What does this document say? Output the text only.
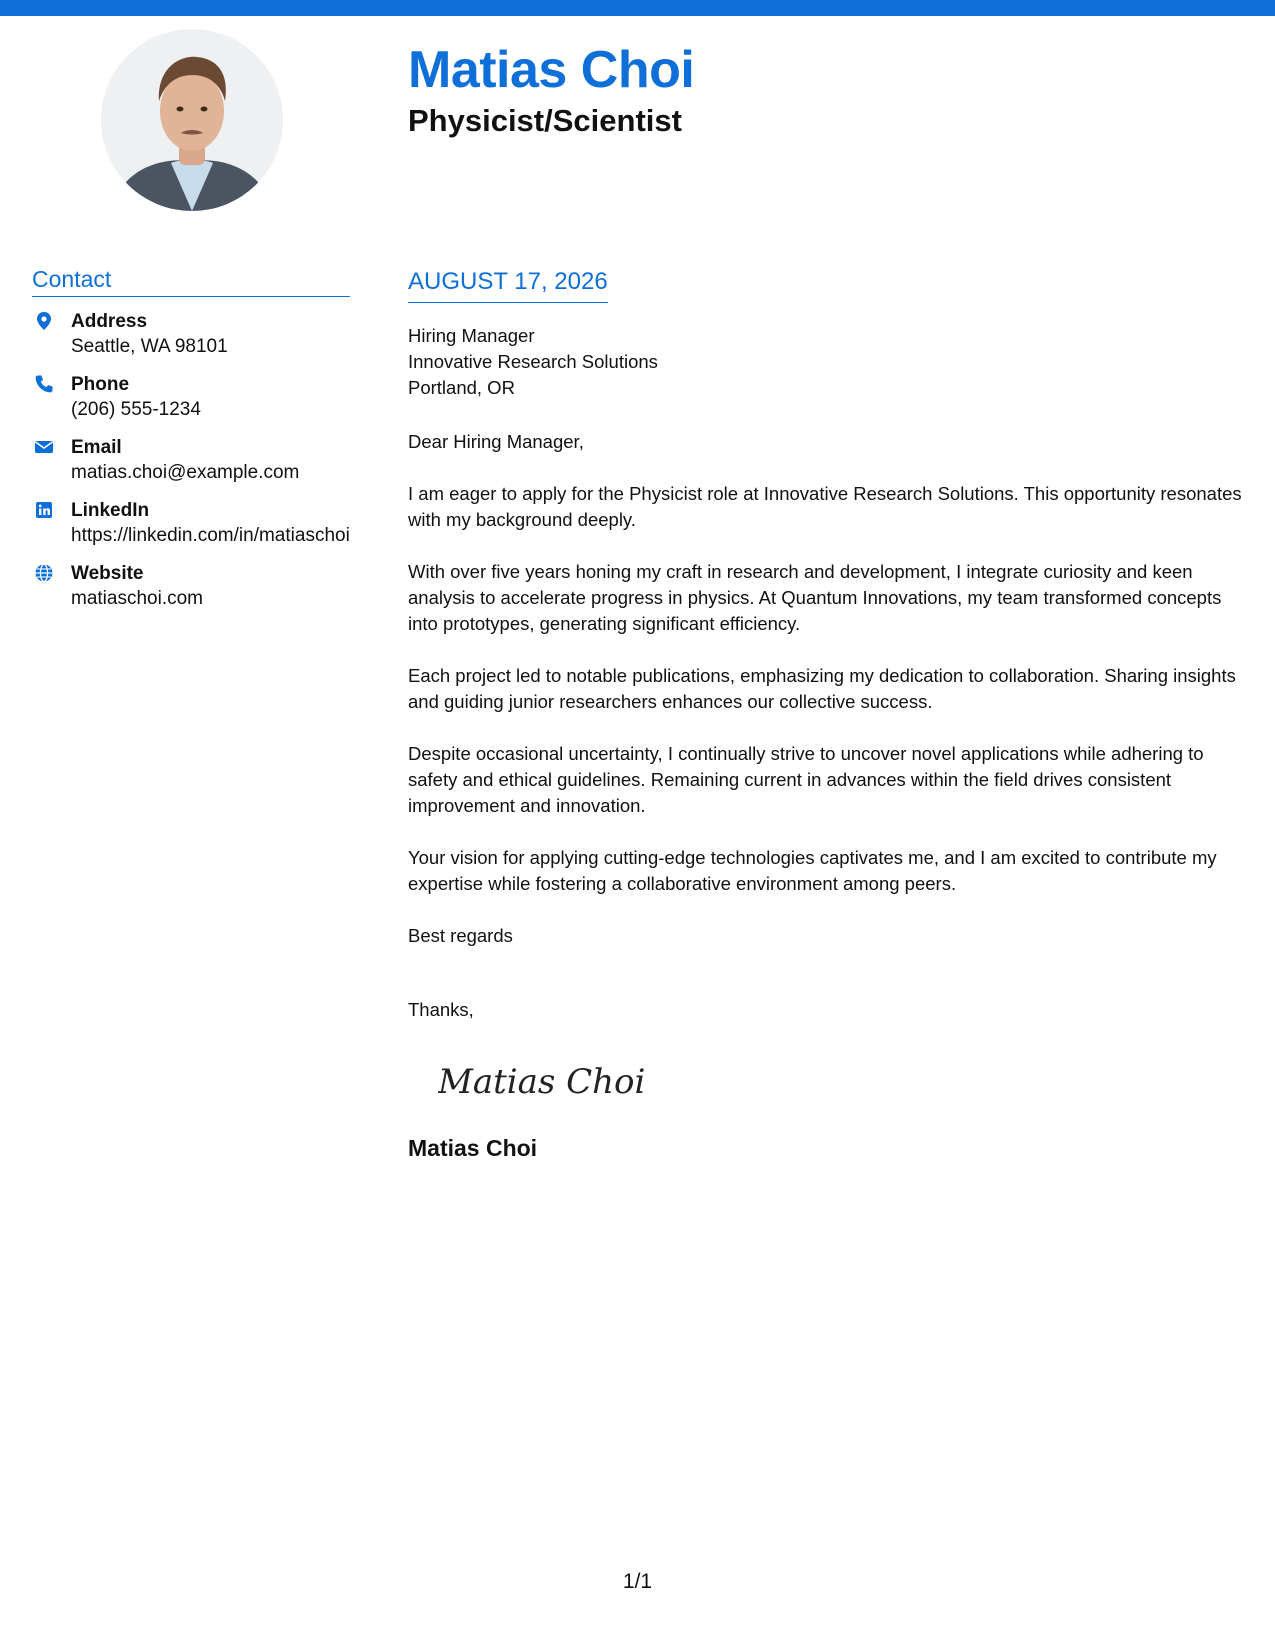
Matias Choi
Physicist/Scientist
Contact
Address
Seattle, WA 98101
Phone
(206) 555-1234
Email
matias.choi@example.com
LinkedIn
https://linkedin.com/in/matiaschoi
Website
matiaschoi.com
AUGUST 17, 2026

Hiring Manager

Innovative Research Solutions

Portland, OR

Dear Hiring Manager,

I am eager to apply for the Physicist role at Innovative Research Solutions. This opportunity resonates with my background deeply.

With over five years honing my craft in research and development, I integrate curiosity and keen analysis to accelerate progress in physics. At Quantum Innovations, my team transformed concepts into prototypes, generating significant efficiency.

Each project led to notable publications, emphasizing my dedication to collaboration. Sharing insights and guiding junior researchers enhances our collective success.

Despite occasional uncertainty, I continually strive to uncover novel applications while adhering to safety and ethical guidelines. Remaining current in advances within the field drives consistent improvement and innovation.

Your vision for applying cutting-edge technologies captivates me, and I am excited to contribute my expertise while fostering a collaborative environment among peers.

Best regards

Thanks,

Matias Choi
Matias Choi
1/1
